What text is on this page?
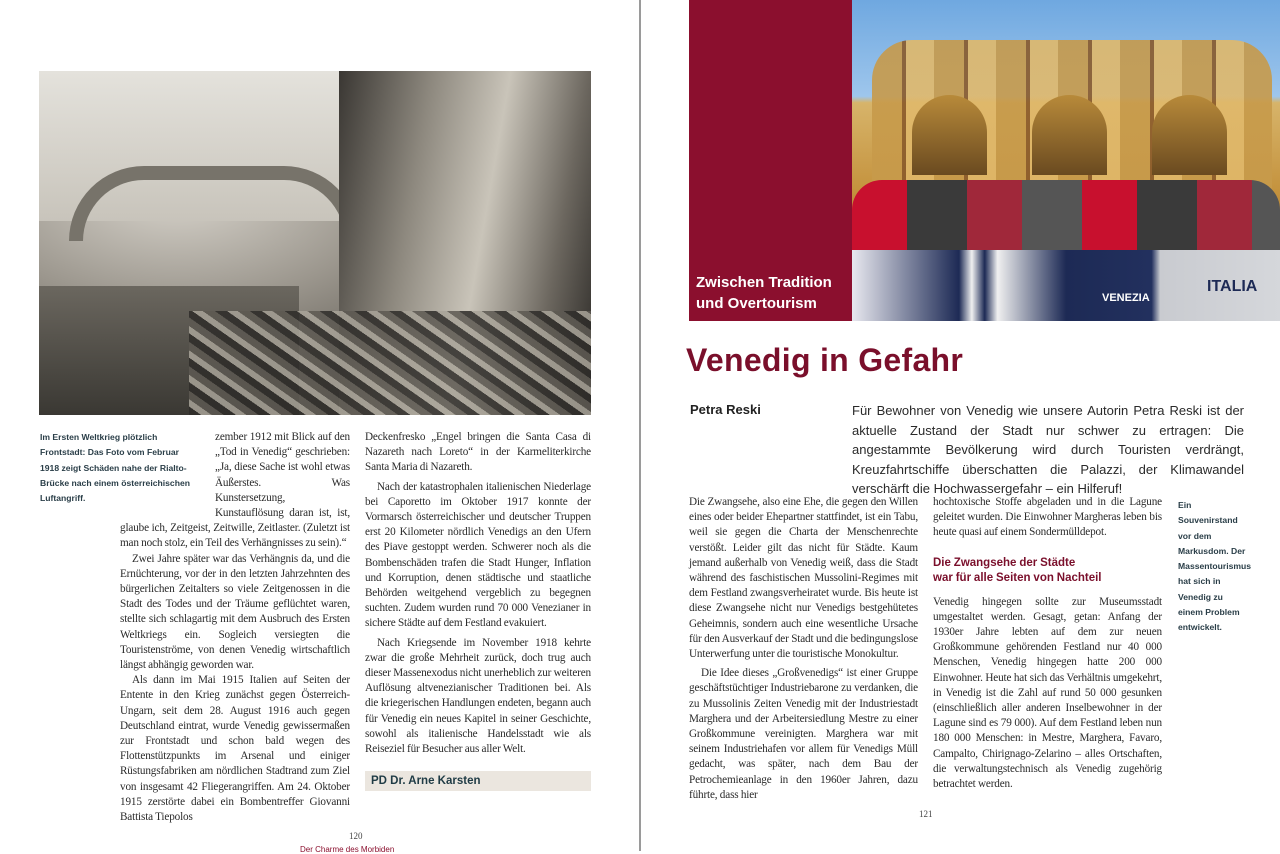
Im Ersten Weltkrieg plötzlich Frontstadt: Das Foto vom Februar 1918 zeigt Schäden nahe der Rialto-Brücke nach einem österreichischen Luftangriff.

zember 1912 mit Blick auf den „Tod in Venedig“ geschrieben: „Ja, diese Sache ist wohl etwas Äußerstes. Was Kunstersetzung, Kunstauflösung daran ist, ist, glaube ich, Zeitgeist, Zeitwille, Zeitlaster. (Zuletzt ist man noch stolz, ein Teil des Verhängnisses zu sein).“

Zwei Jahre später war das Verhängnis da, und die Ernüchterung, vor der in den letzten Jahrzehnten des bürgerlichen Zeitalters so viele Zeitgenossen in die Stadt des Todes und der Träume geflüchtet waren, stellte sich schlagartig mit dem Ausbruch des Ersten Weltkriegs ein. Sogleich versiegten die Touristenströme, von denen Venedig wirtschaftlich längst abhängig geworden war.

Als dann im Mai 1915 Italien auf Seiten der Entente in den Krieg zunächst gegen Österreich-Ungarn, seit dem 28. August 1916 auch gegen Deutschland eintrat, wurde Venedig gewissermaßen zur Frontstadt und schon bald wegen des Flottenstützpunkts im Arsenal und einiger Rüstungsfabriken am nördlichen Stadtrand zum Ziel von insgesamt 42 Fliegerangriffen. Am 24. Oktober 1915 zerstörte dabei ein Bombentreffer Giovanni Battista Tiepolos

Deckenfresko „Engel bringen die Santa Casa di Nazareth nach Loreto“ in der Karmeliterkirche Santa Maria di Nazareth.

Nach der katastrophalen italienischen Niederlage bei Caporetto im Oktober 1917 konnte der Vormarsch österreichischer und deutscher Truppen erst 20 Kilometer nördlich Venedigs an den Ufern des Piave gestoppt werden. Schwerer noch als die Bombenschäden trafen die Stadt Hunger, Inflation und Korruption, denen städtische und staatliche Behörden weitgehend vergeblich zu begegnen suchten. Zudem wurden rund 70 000 Venezianer in sichere Städte auf dem Festland evakuiert.

Nach Kriegsende im November 1918 kehrte zwar die große Mehrheit zurück, doch trug auch dieser Massenexodus nicht unerheblich zur weiteren Auflösung altvenezianischer Traditionen bei. Als die kriegerischen Handlungen endeten, begann auch für Venedig ein neues Kapitel in seiner Geschichte, sowohl als italienische Handelsstadt wie als Reiseziel für Besucher aus aller Welt.

PD Dr. Arne Karsten
120
Der Charme des Morbiden
Zwischen Tradition und Overtourism	VENEZIA
ITALIA
Venedig in Gefahr
Petra Reski	Für Bewohner von Venedig wie unsere Autorin Petra Reski ist der aktuelle Zustand der Stadt nur schwer zu ertragen: Die angestammte Bevölkerung wird durch Touristen verdrängt, Kreuzfahrtschiffe überschatten die Palazzi, der Klimawandel verschärft die Hochwassergefahr – ein Hilferuf!

Die Zwangsehe, also eine Ehe, die gegen den Willen eines oder beider Ehepartner stattfindet, ist ein Tabu, weil sie gegen die Charta der Menschenrechte verstößt. Leider gilt das nicht für Städte. Kaum jemand außerhalb von Venedig weiß, dass die Stadt während des faschistischen Mussolini-Regimes mit dem Festland zwangsverheiratet wurde. Bis heute ist diese Zwangsehe nicht nur Venedigs bestgehütetes Geheimnis, sondern auch eine wesentliche Ursache für den Ausverkauf der Stadt und die bedingungslose Unterwerfung unter die touristische Monokultur.

Die Idee dieses „Großvenedigs“ ist einer Gruppe geschäftstüchtiger Industriebarone zu verdanken, die zu Mussolinis Zeiten Venedig mit der Industriestadt Marghera und der Arbeitersiedlung Mestre zu einer Großkommune vereinigten. Marghera war mit seinem Industriehafen vor allem für Venedigs Müll gedacht, was später, nach dem Bau der Petrochemieanlage in den 1960er Jahren, dazu führte, dass hier

hochtoxische Stoffe abgeladen und in die Lagune geleitet wurden. Die Einwohner Margheras leben bis heute quasi auf einem Sondermülldepot.

Die Zwangsehe der Städte
war für alle Seiten von Nachteil

Venedig hingegen sollte zur Museumsstadt umgestaltet werden. Gesagt, getan: Anfang der 1930er Jahre lebten auf dem zur neuen Großkommune gehörenden Festland nur 40 000 Menschen, Venedig hingegen hatte 200 000 Einwohner. Heute hat sich das Verhältnis umgekehrt, in Venedig ist die Zahl auf rund 50 000 gesunken (einschließlich aller anderen Inselbewohner in der Lagune sind es 79 000). Auf dem Festland leben nun 180 000 Menschen: in Mestre, Marghera, Favaro, Campalto, Chirignago-Zelarino – alles Ortschaften, die verwaltungstechnisch als Venedig zugehörig betrachtet werden.

Ein Souvenirstand vor dem Markusdom. Der Massentourismus hat sich in Venedig zu einem Problem entwickelt.
121
